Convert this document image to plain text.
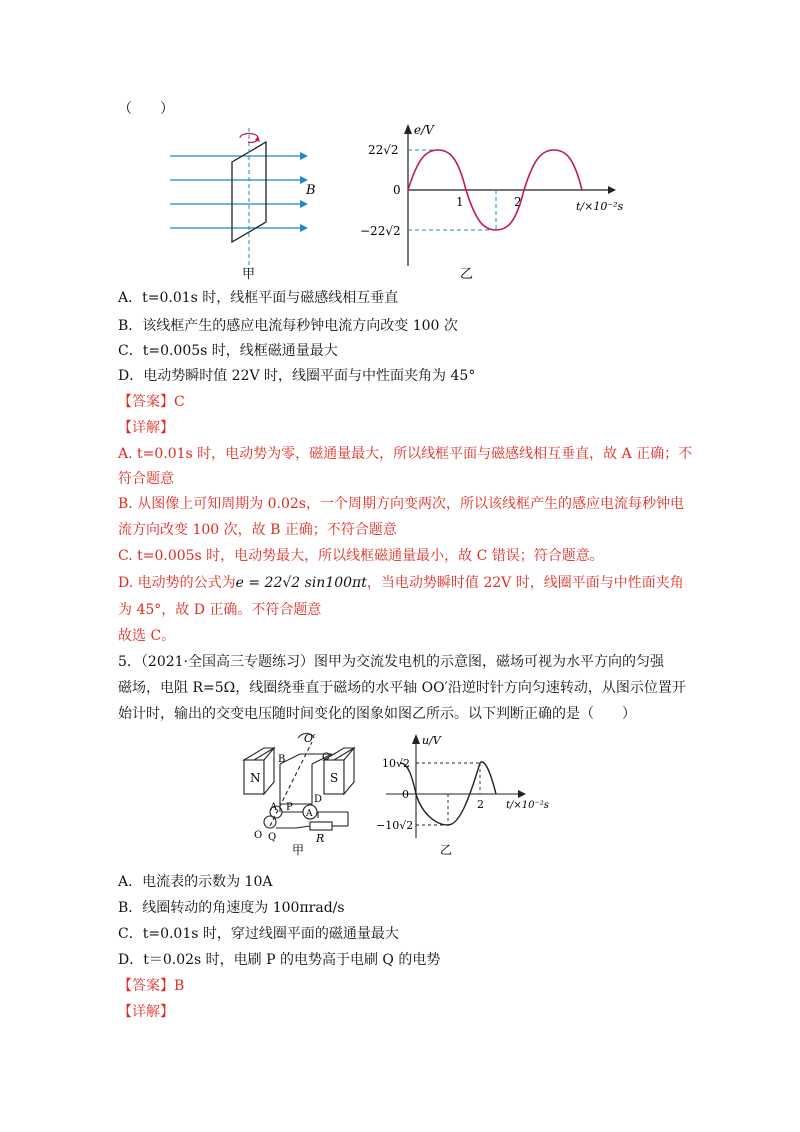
（　　）
B
甲
e/V
22√2
−22√2
0
1	2	t/×10⁻²s
乙
A．t=0.01s 时，线框平面与磁感线相互垂直
B．该线框产生的感应电流每秒钟电流方向改变 100 次
C．t=0.005s 时，线框磁通量最大
D．电动势瞬时值 22V 时，线圈平面与中性面夹角为 45°
【答案】C
【详解】
A. t=0.01s 时，电动势为零，磁通量最大，所以线框平面与磁感线相互垂直，故 A 正确；不
符合题意
B. 从图像上可知周期为 0.02s，一个周期方向变两次，所以该线框产生的感应电流每秒钟电
流方向改变 100 次，故 B 正确；不符合题意
C. t=0.005s 时，电动势最大，所以线框磁通量最小，故 C 错误；符合题意。
D. 电动势的公式为e = 22√2 sin100πt，当电动势瞬时值 22V 时，线圈平面与中性面夹角
为 45°，故 D 正确。不符合题意
故选 C。
5．（2021·全国高三专题练习）图甲为交流发电机的示意图，磁场可视为水平方向的匀强
磁场，电阻 R=5Ω，线圈绕垂直于磁场的水平轴 OO′沿逆时针方向匀速转动，从图示位置开
始计时，输出的交变电压随时间变化的图象如图乙所示。以下判断正确的是（　　）
N	S
O′
B	C
A
D
P
O Q
A
R
甲
u/V
10√2
−10√2
0
2 t/×10⁻²s
乙
A．电流表的示数为 10A
B．线圈转动的角速度为 100πrad/s
C．t=0.01s 时，穿过线圈平面的磁通量最大
D．t＝0.02s 时，电刷 P 的电势高于电刷 Q 的电势
【答案】B
【详解】
